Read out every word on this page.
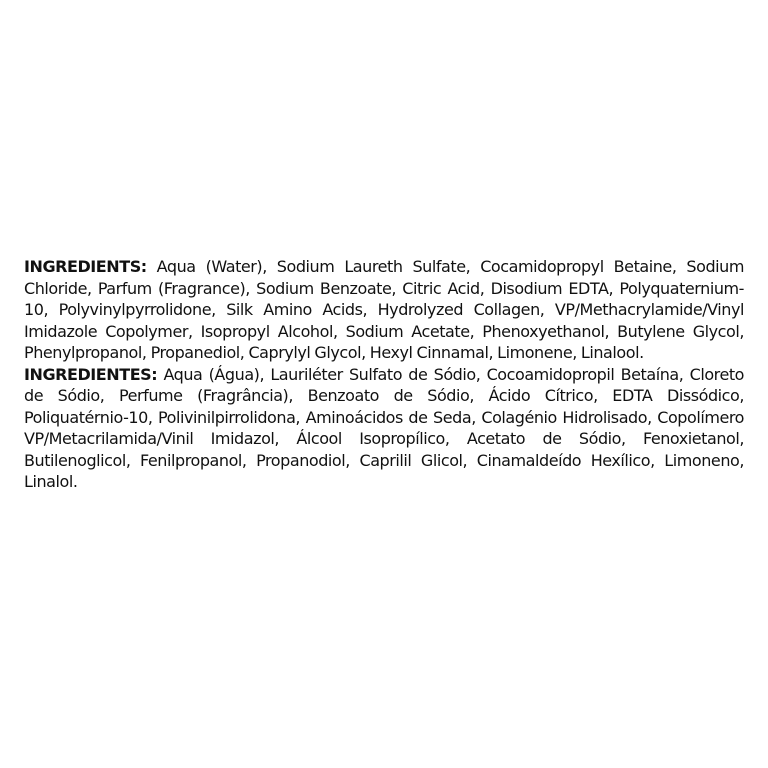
INGREDIENTS: Aqua (Water), Sodium Laureth Sulfate, Cocamidopropyl Betaine, Sodium Chloride, Parfum (Fragrance), Sodium Benzoate, Citric Acid, Disodium EDTA, Polyquaternium-10, Polyvinylpyrrolidone, Silk Amino Acids, Hydrolyzed Collagen, VP/Methacrylamide/Vinyl Imidazole Copolymer, Isopropyl Alcohol, Sodium Acetate, Phenoxyethanol, Butylene Glycol, Phenylpropanol, Propanediol, Caprylyl Glycol, Hexyl Cinnamal, Limonene, Linalool.

INGREDIENTES: Aqua (Água), Lauriléter Sulfato de Sódio, Cocoamidopropil Betaína, Cloreto de Sódio, Perfume (Fragrância), Benzoato de Sódio, Ácido Cítrico, EDTA Dissódico, Poliquatérnio-10, Polivinilpirrolidona, Aminoácidos de Seda, Colagénio Hidrolisado, Copolímero VP/Metacrilamida/Vinil Imidazol, Álcool Isopropílico, Acetato de Sódio, Fenoxietanol, Butilenoglicol, Fenilpropanol, Propanodiol, Caprilil Glicol, Cinamaldeído Hexílico, Limoneno, Linalol.
